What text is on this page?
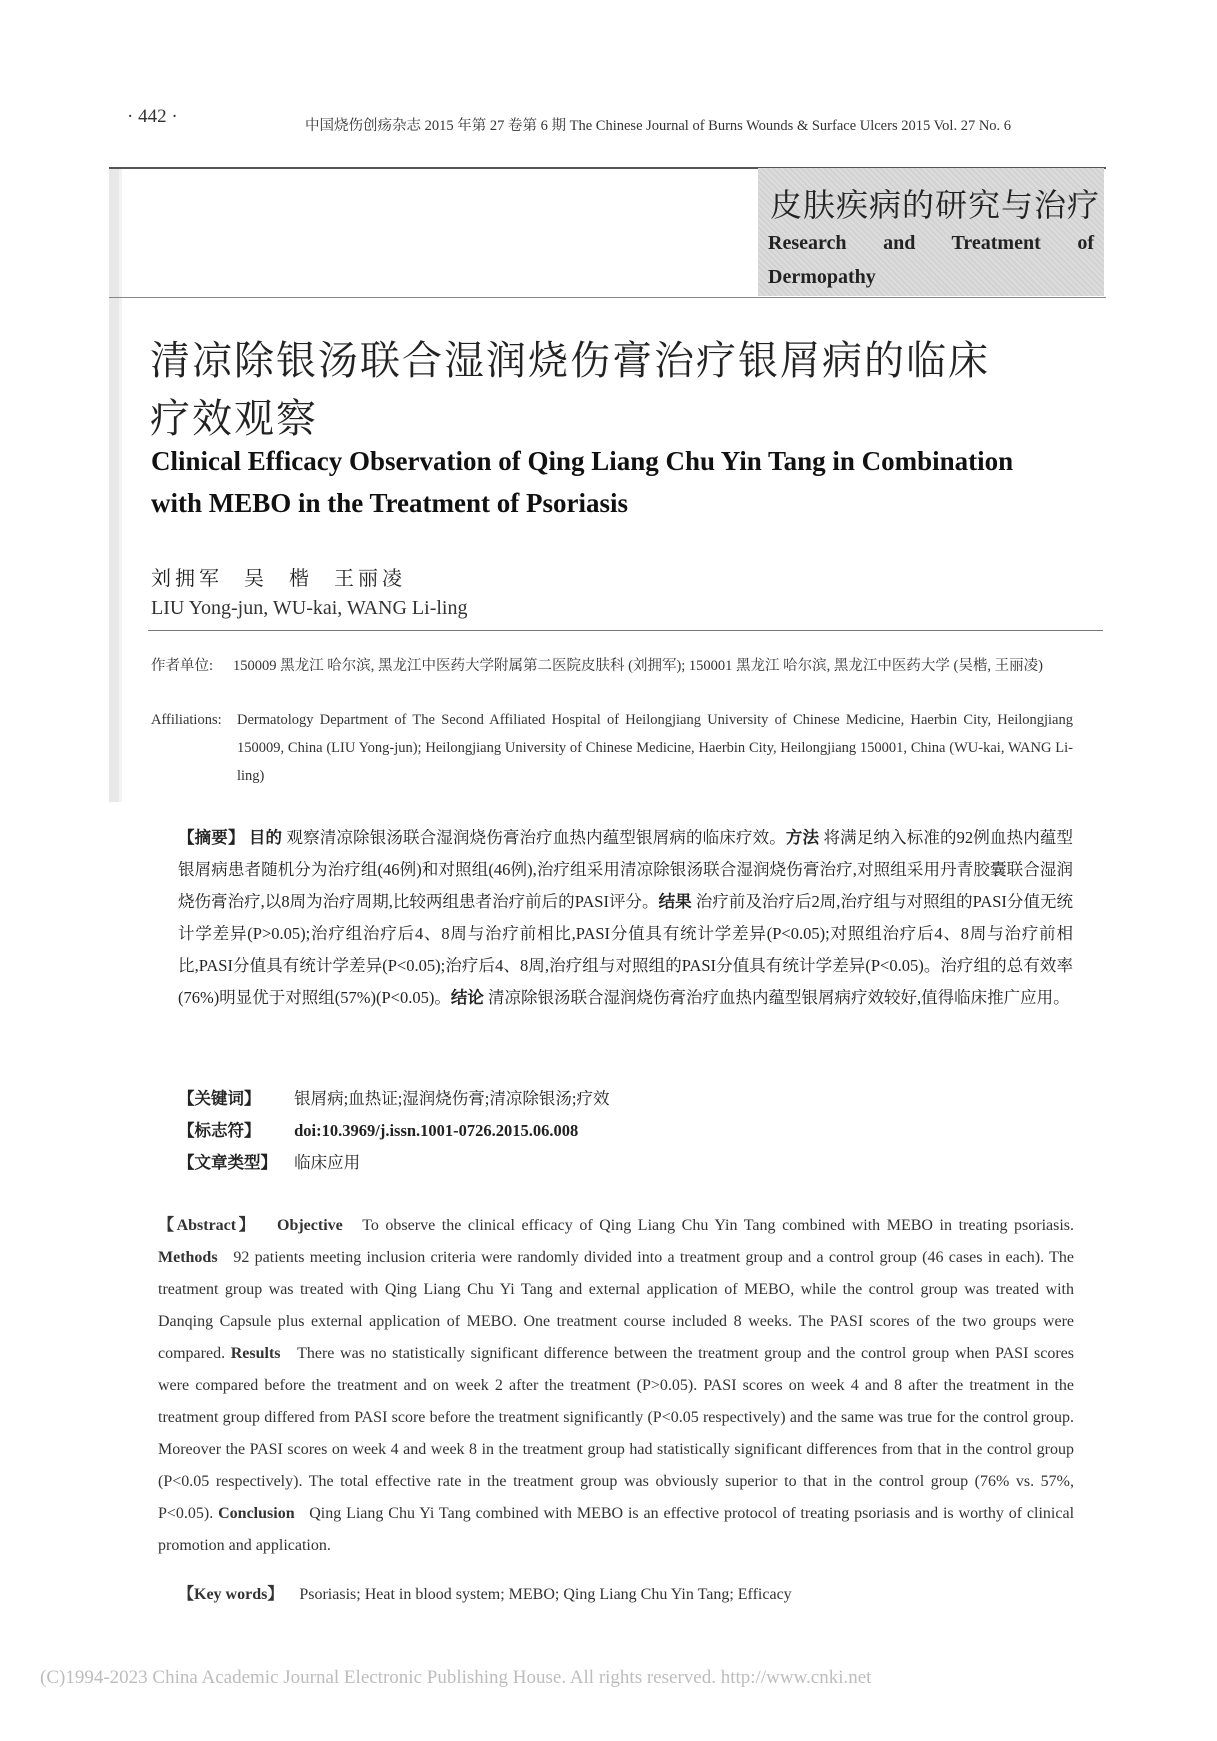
· 442 ·	中国烧伤创疡杂志 2015 年第 27 卷第 6 期 The Chinese Journal of Burns Wounds & Surface Ulcers 2015 Vol. 27 No. 6
皮肤疾病的研究与治疗
Research and Treatment of Dermopathy
清凉除银汤联合湿润烧伤膏治疗银屑病的临床
疗效观察
Clinical Efficacy Observation of Qing Liang Chu Yin Tang in Combination
with MEBO in the Treatment of Psoriasis
刘拥军 吴 楷 王丽凌
LIU Yong-jun, WU-kai, WANG Li-ling
作者单位: 150009 黑龙江 哈尔滨, 黑龙江中医药大学附属第二医院皮肤科 (刘拥军); 150001 黑龙江 哈尔滨, 黑龙江中医药大学 (吴楷, 王丽凌)
Affiliations: Dermatology Department of The Second Affiliated Hospital of Heilongjiang University of Chinese Medicine, Haerbin City, Heilongjiang 150009, China (LIU Yong-jun); Heilongjiang University of Chinese Medicine, Haerbin City, Heilongjiang 150001, China (WU-kai, WANG Li-ling)
【摘要】 目的 观察清凉除银汤联合湿润烧伤膏治疗血热内蕴型银屑病的临床疗效。方法 将满足纳入标准的92例血热内蕴型银屑病患者随机分为治疗组(46例)和对照组(46例),治疗组采用清凉除银汤联合湿润烧伤膏治疗,对照组采用丹青胶囊联合湿润烧伤膏治疗,以8周为治疗周期,比较两组患者治疗前后的PASI评分。结果 治疗前及治疗后2周,治疗组与对照组的PASI分值无统计学差异(P>0.05);治疗组治疗后4、8周与治疗前相比,PASI分值具有统计学差异(P<0.05);对照组治疗后4、8周与治疗前相比,PASI分值具有统计学差异(P<0.05);治疗后4、8周,治疗组与对照组的PASI分值具有统计学差异(P<0.05)。治疗组的总有效率(76%)明显优于对照组(57%)(P<0.05)。结论 清凉除银汤联合湿润烧伤膏治疗血热内蕴型银屑病疗效较好,值得临床推广应用。
【关键词】 银屑病;血热证;湿润烧伤膏;清凉除银汤;疗效
【标志符】 doi:10.3969/j.issn.1001-0726.2015.06.008
【文章类型】 临床应用
【Abstract】 Objective To observe the clinical efficacy of Qing Liang Chu Yin Tang combined with MEBO in treating psoriasis. Methods 92 patients meeting inclusion criteria were randomly divided into a treatment group and a control group (46 cases in each). The treatment group was treated with Qing Liang Chu Yi Tang and external application of MEBO, while the control group was treated with Danqing Capsule plus external application of MEBO. One treatment course included 8 weeks. The PASI scores of the two groups were compared. Results There was no statistically significant difference between the treatment group and the control group when PASI scores were compared before the treatment and on week 2 after the treatment (P>0.05). PASI scores on week 4 and 8 after the treatment in the treatment group differed from PASI score before the treatment significantly (P<0.05 respectively) and the same was true for the control group. Moreover the PASI scores on week 4 and week 8 in the treatment group had statistically significant differences from that in the control group (P<0.05 respectively). The total effective rate in the treatment group was obviously superior to that in the control group (76% vs. 57%, P<0.05). Conclusion Qing Liang Chu Yi Tang combined with MEBO is an effective protocol of treating psoriasis and is worthy of clinical promotion and application.
【Key words】 Psoriasis; Heat in blood system; MEBO; Qing Liang Chu Yin Tang; Efficacy
(C)1994-2023 China Academic Journal Electronic Publishing House. All rights reserved. http://www.cnki.net
